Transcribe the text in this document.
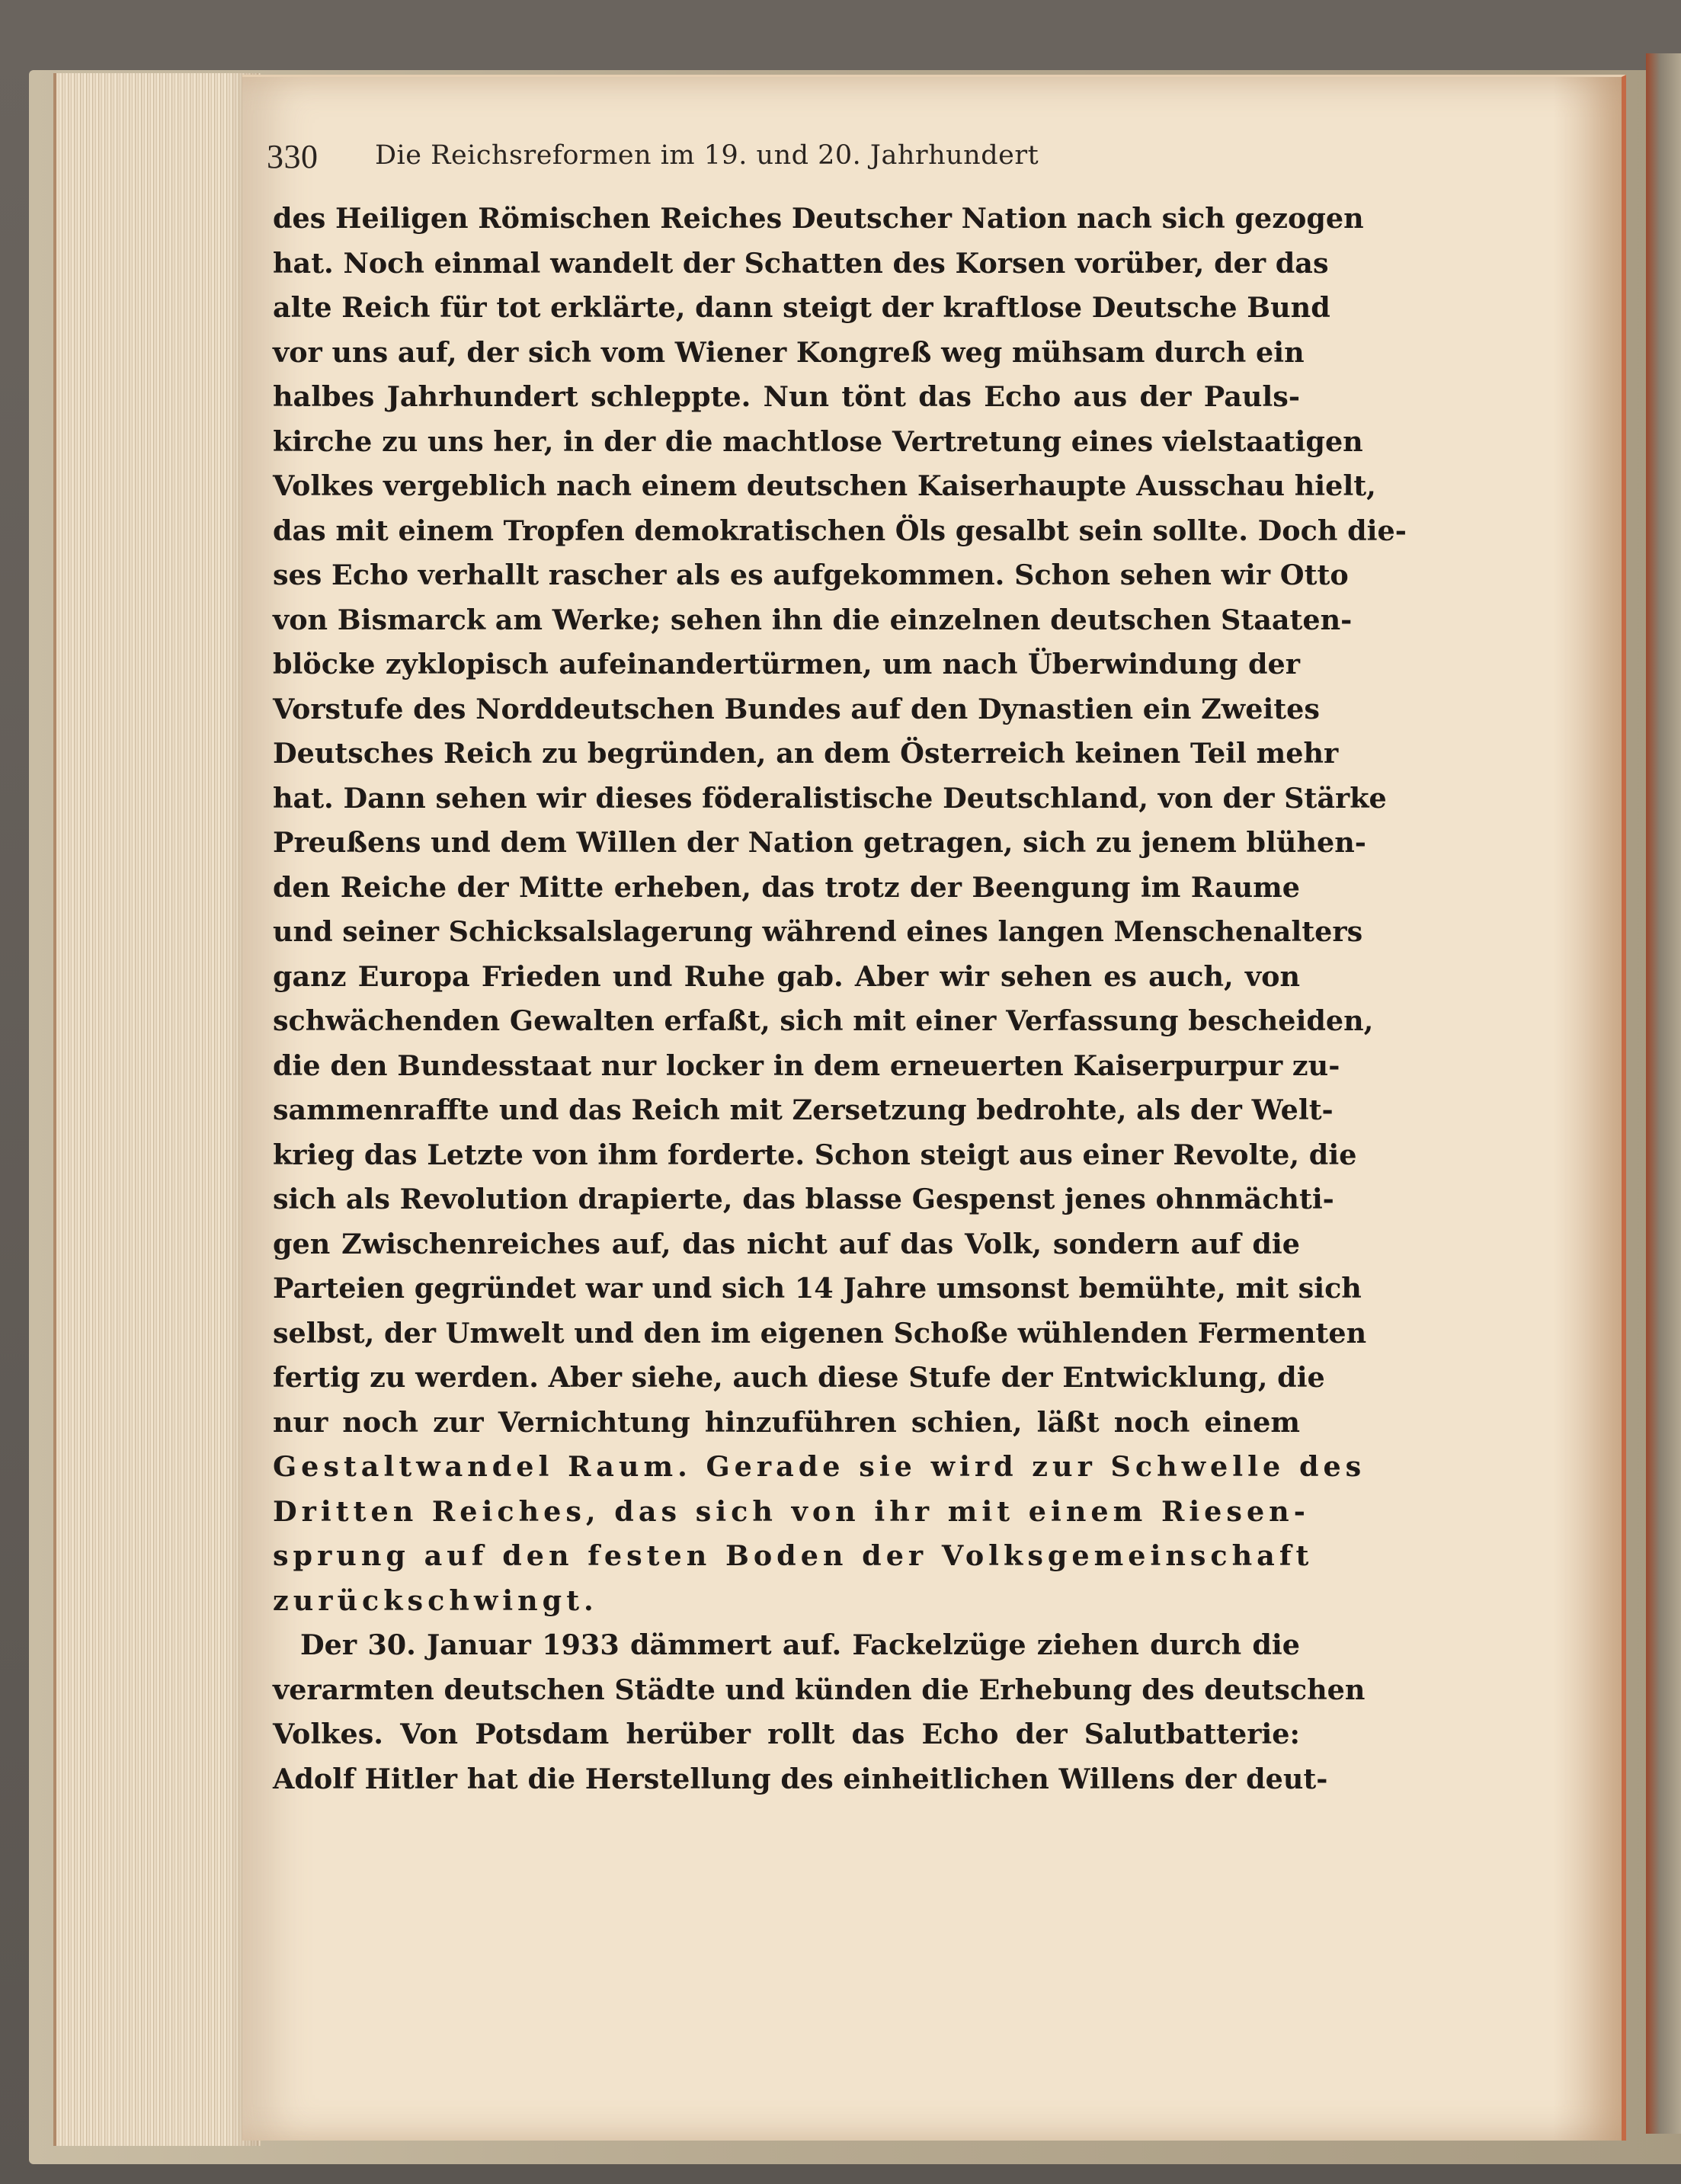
330 Die Reichsreformen im 19. und 20. Jahrhundert
des Heiligen Römischen Reiches Deutscher Nation nach sich gezogen
hat. Noch einmal wandelt der Schatten des Korsen vorüber, der das
alte Reich für tot erklärte, dann steigt der kraftlose Deutsche Bund
vor uns auf, der sich vom Wiener Kongreß weg mühsam durch ein
halbes Jahrhundert schleppte. Nun tönt das Echo aus der Pauls-
kirche zu uns her, in der die machtlose Vertretung eines vielstaatigen
Volkes vergeblich nach einem deutschen Kaiserhaupte Ausschau hielt,
das mit einem Tropfen demokratischen Öls gesalbt sein sollte. Doch die-
ses Echo verhallt rascher als es aufgekommen. Schon sehen wir Otto
von Bismarck am Werke; sehen ihn die einzelnen deutschen Staaten-
blöcke zyklopisch aufeinandertürmen, um nach Überwindung der
Vorstufe des Norddeutschen Bundes auf den Dynastien ein Zweites
Deutsches Reich zu begründen, an dem Österreich keinen Teil mehr
hat. Dann sehen wir dieses föderalistische Deutschland, von der Stärke
Preußens und dem Willen der Nation getragen, sich zu jenem blühen-
den Reiche der Mitte erheben, das trotz der Beengung im Raume
und seiner Schicksalslagerung während eines langen Menschenalters
ganz Europa Frieden und Ruhe gab. Aber wir sehen es auch, von
schwächenden Gewalten erfaßt, sich mit einer Verfassung bescheiden,
die den Bundesstaat nur locker in dem erneuerten Kaiserpurpur zu-
sammenraffte und das Reich mit Zersetzung bedrohte, als der Welt-
krieg das Letzte von ihm forderte. Schon steigt aus einer Revolte, die
sich als Revolution drapierte, das blasse Gespenst jenes ohnmächti-
gen Zwischenreiches auf, das nicht auf das Volk, sondern auf die
Parteien gegründet war und sich 14 Jahre umsonst bemühte, mit sich
selbst, der Umwelt und den im eigenen Schoße wühlenden Fermenten
fertig zu werden. Aber siehe, auch diese Stufe der Entwicklung, die
nur noch zur Vernichtung hinzuführen schien, läßt noch einem
Gestaltwandel Raum. Gerade sie wird zur Schwelle des
Dritten Reiches, das sich von ihr mit einem Riesen-
sprung auf den festen Boden der Volksgemeinschaft
zurückschwingt.
Der 30. Januar 1933 dämmert auf. Fackelzüge ziehen durch die
verarmten deutschen Städte und künden die Erhebung des deutschen
Volkes. Von Potsdam herüber rollt das Echo der Salutbatterie:
Adolf Hitler hat die Herstellung des einheitlichen Willens der deut-
